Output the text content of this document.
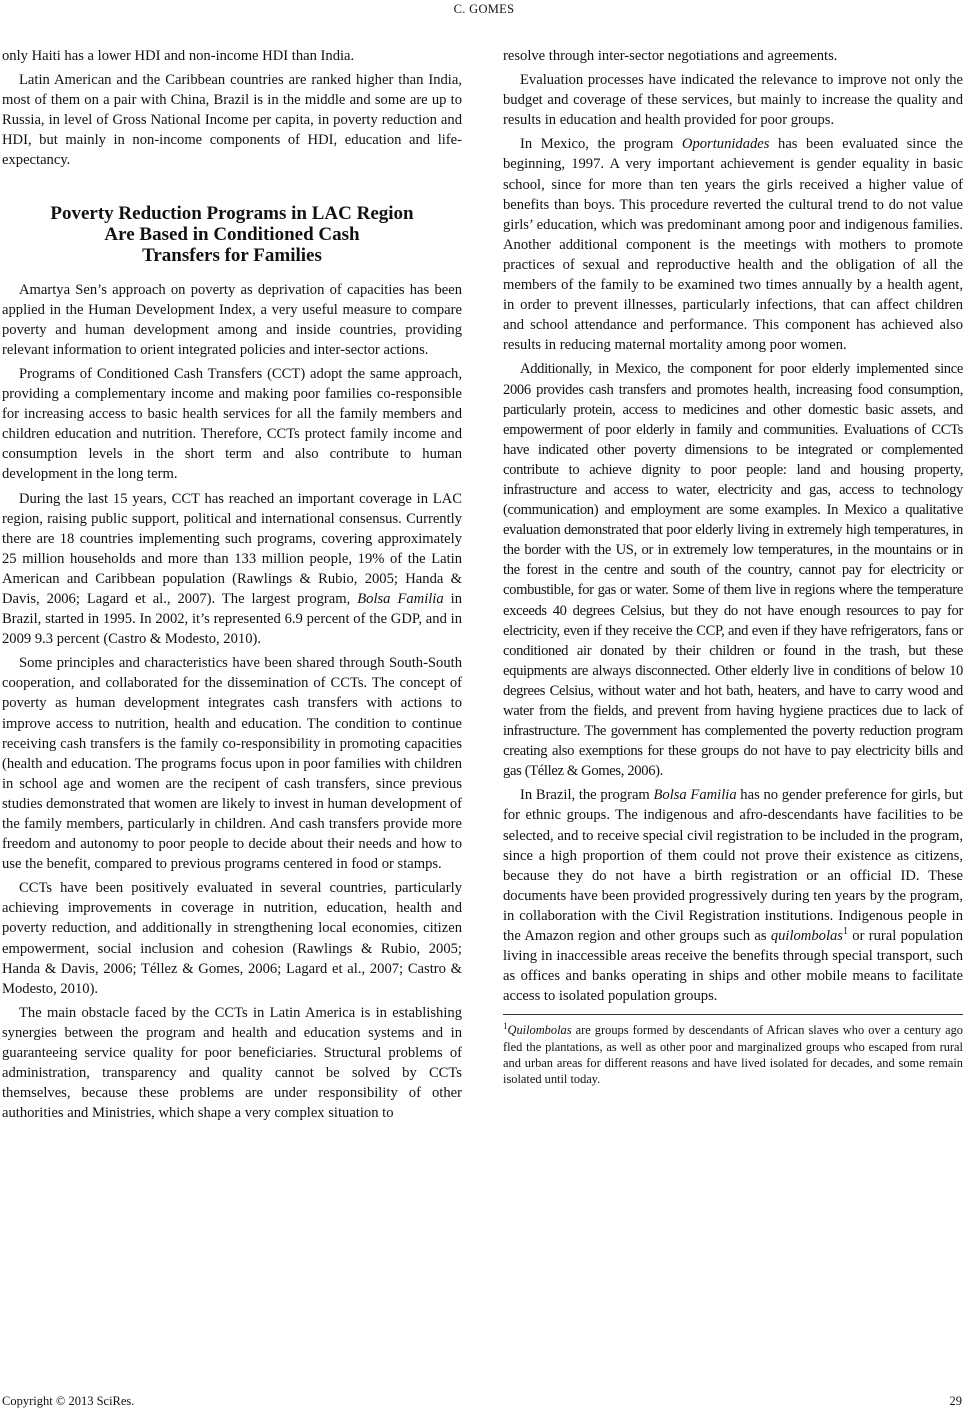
C. GOMES

only Haiti has a lower HDI and non-income HDI than India.

Latin American and the Caribbean countries are ranked higher than India, most of them on a pair with China, Brazil is in the middle and some are up to Russia, in level of Gross National Income per capita, in poverty reduction and HDI, but mainly in non-income components of HDI, education and life-expectancy.

Poverty Reduction Programs in LAC Region
Are Based in Conditioned Cash
Transfers for Families

Amartya Sen’s approach on poverty as deprivation of capacities has been applied in the Human Development Index, a very useful measure to compare poverty and human development among and inside countries, providing relevant information to orient integrated policies and inter-sector actions.

Programs of Conditioned Cash Transfers (CCT) adopt the same approach, providing a complementary income and making poor families co-responsible for increasing access to basic health services for all the family members and children education and nutrition. Therefore, CCTs protect family income and consumption levels in the short term and also contribute to human development in the long term.

During the last 15 years, CCT has reached an important coverage in LAC region, raising public support, political and international consensus. Currently there are 18 countries implementing such programs, covering approximately 25 million households and more than 133 million people, 19% of the Latin American and Caribbean population (Rawlings & Rubio, 2005; Handa & Davis, 2006; Lagard et al., 2007). The largest program, Bolsa Familia in Brazil, started in 1995. In 2002, it’s represented 6.9 percent of the GDP, and in 2009 9.3 percent (Castro & Modesto, 2010).

Some principles and characteristics have been shared through South-South cooperation, and collaborated for the dissemination of CCTs. The concept of poverty as human development integrates cash transfers with actions to improve access to nutrition, health and education. The condition to continue receiving cash transfers is the family co-responsibility in promoting capacities (health and education. The programs focus upon in poor families with children in school age and women are the recipent of cash transfers, since previous studies demonstrated that women are likely to invest in human development of the family members, particularly in children. And cash transfers provide more freedom and autonomy to poor people to decide about their needs and how to use the benefit, compared to previous programs centered in food or stamps.

CCTs have been positively evaluated in several countries, particularly achieving improvements in coverage in nutrition, education, health and poverty reduction, and additionally in strengthening local economies, citizen empowerment, social inclusion and cohesion (Rawlings & Rubio, 2005; Handa & Davis, 2006; Téllez & Gomes, 2006; Lagard et al., 2007; Castro & Modesto, 2010).

The main obstacle faced by the CCTs in Latin America is in establishing synergies between the program and health and education systems and in guaranteeing service quality for poor beneficiaries. Structural problems of administration, transparency and quality cannot be solved by CCTs themselves, because these problems are under responsibility of other authorities and Ministries, which shape a very complex situation to

resolve through inter-sector negotiations and agreements.

Evaluation processes have indicated the relevance to improve not only the budget and coverage of these services, but mainly to increase the quality and results in education and health provided for poor groups.

In Mexico, the program Oportunidades has been evaluated since the beginning, 1997. A very important achievement is gender equality in basic school, since for more than ten years the girls received a higher value of benefits than boys. This procedure reverted the cultural trend to do not value girls’ education, which was predominant among poor and indigenous families. Another additional component is the meetings with mothers to promote practices of sexual and reproductive health and the obligation of all the members of the family to be examined two times annually by a health agent, in order to prevent illnesses, particularly infections, that can affect children and school attendance and performance. This component has achieved also results in reducing maternal mortality among poor women.

Additionally, in Mexico, the component for poor elderly implemented since 2006 provides cash transfers and promotes health, increasing food consumption, particularly protein, access to medicines and other domestic basic assets, and empowerment of poor elderly in family and communities. Evaluations of CCTs have indicated other poverty dimensions to be integrated or complemented contribute to achieve dignity to poor people: land and housing property, infrastructure and access to water, electricity and gas, access to technology (communication) and employment are some examples. In Mexico a qualitative evaluation demonstrated that poor elderly living in extremely high temperatures, in the border with the US, or in extremely low temperatures, in the mountains or in the forest in the centre and south of the country, cannot pay for electricity or combustible, for gas or water. Some of them live in regions where the temperature exceeds 40 degrees Celsius, but they do not have enough resources to pay for electricity, even if they receive the CCP, and even if they have refrigerators, fans or conditioned air donated by their children or found in the trash, but these equipments are always disconnected. Other elderly live in conditions of below 10 degrees Celsius, without water and hot bath, heaters, and have to carry wood and water from the fields, and prevent from having hygiene practices due to lack of infrastructure. The government has complemented the poverty reduction program creating also exemptions for these groups do not have to pay electricity bills and gas (Téllez & Gomes, 2006).

In Brazil, the program Bolsa Familia has no gender preference for girls, but for ethnic groups. The indigenous and afro-descendants have facilities to be selected, and to receive special civil registration to be included in the program, since a high proportion of them could not prove their existence as citizens, because they do not have a birth registration or an official ID. These documents have been provided progressively during ten years by the program, in collaboration with the Civil Registration institutions. Indigenous people in the Amazon region and other groups such as quilombolas$^1$ or rural population living in inaccessible areas receive the benefits through special transport, such as offices and banks operating in ships and other mobile means to facilitate access to isolated population groups.

$^1$Quilombolas are groups formed by descendants of African slaves who over a century ago fled the plantations, as well as other poor and marginalized groups who escaped from rural and urban areas for different reasons and have lived isolated for decades, and some remain isolated until today.
Copyright © 2013 SciRes.	29
